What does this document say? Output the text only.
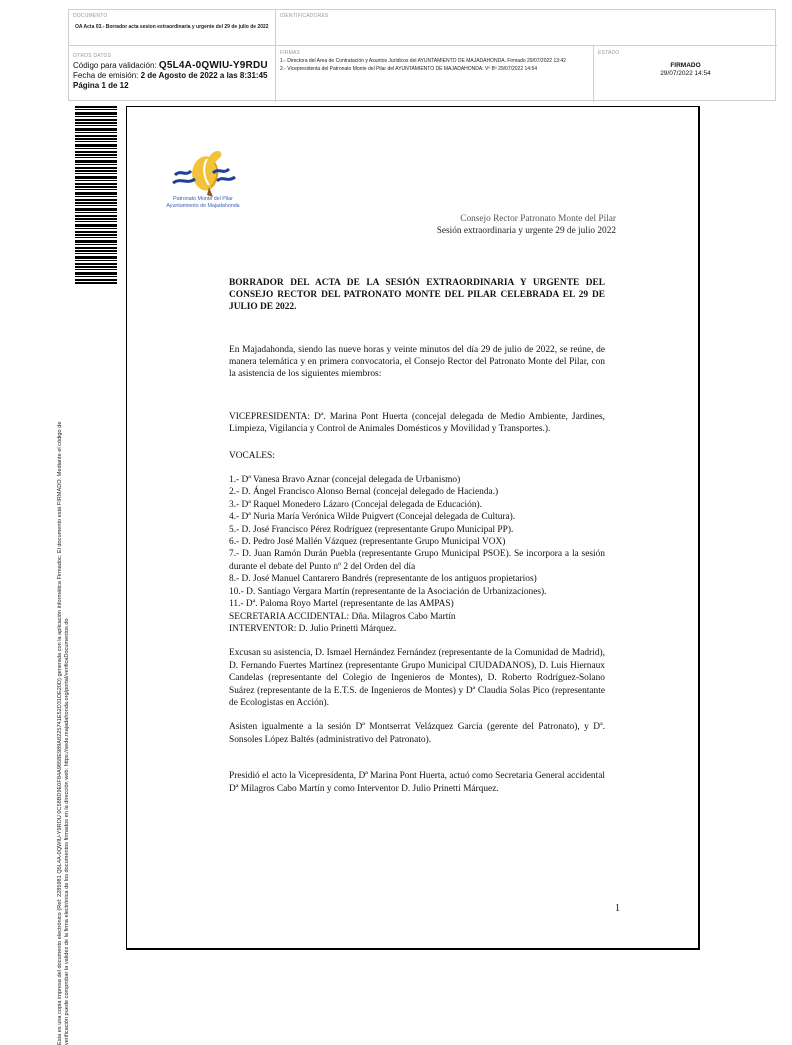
DOCUMENTO
OA Acta 03.- Borrador acta sesion extraordinaria y urgente del 29 de julio de 2022
IDENTIFICADORES
OTROS DATOS
Código para validación: Q5L4A-0QWIU-Y9RDU
Fecha de emisión: 2 de Agosto de 2022 a las 8:31:45
Página 1 de 12
FIRMAS
1.- Directora del Area de Contratación y Asuntos Jurídicos del AYUNTAMIENTO DE MAJADAHONDA. Firmado 29/07/2022 13:42
2.- Vicepresidenta del Patronato Monte del Pilar del AYUNTAMIENTO DE MAJADAHONDA. Vº Bº 29/07/2022 14:54
ESTADO
FIRMADO
29/07/2022 14:54
Esta es una copia impresa del documento electrónico (Ref: 2285981 Q5L4A-0QWIU-Y9RDU 0C58BD9E0F84A9858E989A8225741E52D31DE20D) generada con la aplicación informática Firmadoc. El documento está FIRMADO. Mediante el código de verificación puede comprobar la validez de la firma electrónica de los documentos firmados en la dirección web: https://sede.majadahonda.org/portal/verificaDocumentos.do
Patronato Monte del Pilar
Ayuntamiento de Majadahonda
Consejo Rector Patronato Monte del Pilar
Sesión extraordinaria y urgente 29 de julio 2022
BORRADOR DEL ACTA DE LA SESIÓN EXTRAORDINARIA Y URGENTE DEL CONSEJO RECTOR DEL PATRONATO MONTE DEL PILAR CELEBRADA EL 29 DE JULIO DE 2022.

En Majadahonda, siendo las nueve horas y veinte minutos del día 29 de julio de 2022, se reúne, de manera telemática y en primera convocatoria, el Consejo Rector del Patronato Monte del Pilar, con la asistencia de los siguientes miembros:

VICEPRESIDENTA: Dª. Marina Pont Huerta (concejal delegada de Medio Ambiente, Jardines, Limpieza, Vigilancia y Control de Animales Domésticos y Movilidad y Transportes.).

VOCALES:

1.- Dª Vanesa Bravo Aznar (concejal delegada de Urbanismo)
2.- D. Ángel Francisco Alonso Bernal (concejal delegado de Hacienda.)
3.- Dª Raquel Monedero Lázaro (Concejal delegada de Educación).
4.- Dª Nuria María Verónica Wilde Puigvert (Concejal delegada de Cultura).
5.- D. José Francisco Pérez Rodríguez (representante Grupo Municipal PP).
6.- D. Pedro José Mallén Vázquez (representante Grupo Municipal VOX)
7.- D. Juan Ramón Durán Puebla (representante Grupo Municipal PSOE). Se incorpora a la sesión durante el debate del Punto nº 2 del Orden del día
8.- D. José Manuel Cantarero Bandrés (representante de los antiguos propietarios)
10.- D. Santiago Vergara Martín (representante de la Asociación de Urbanizaciones).
11.- Dª. Paloma Royo Martel (representante de las AMPAS)
SECRETARIA ACCIDENTAL: Dña. Milagros Cabo Martín
INTERVENTOR: D. Julio Prinetti Márquez.

Excusan su asistencia, D. Ismael Hernández Fernández (representante de la Comunidad de Madrid), D. Fernando Fuertes Martínez (representante Grupo Municipal CIUDADANOS), D. Luis Hiernaux Candelas (representante del Colegio de Ingenieros de Montes), D. Roberto Rodríguez-Solano Suárez (representante de la E.T.S. de Ingenieros de Montes) y Dª Claudia Solas Pico (representante de Ecologistas en Acción).

Asisten igualmente a la sesión Dª Montserrat Velázquez García (gerente del Patronato), y Dª. Sonsoles López Baltés (administrativo del Patronato).

Presidió el acto la Vicepresidenta, Dª Marina Pont Huerta, actuó como Secretaria General accidental Dª Milagros Cabo Martín y como Interventor D. Julio Prinetti Márquez.

1
